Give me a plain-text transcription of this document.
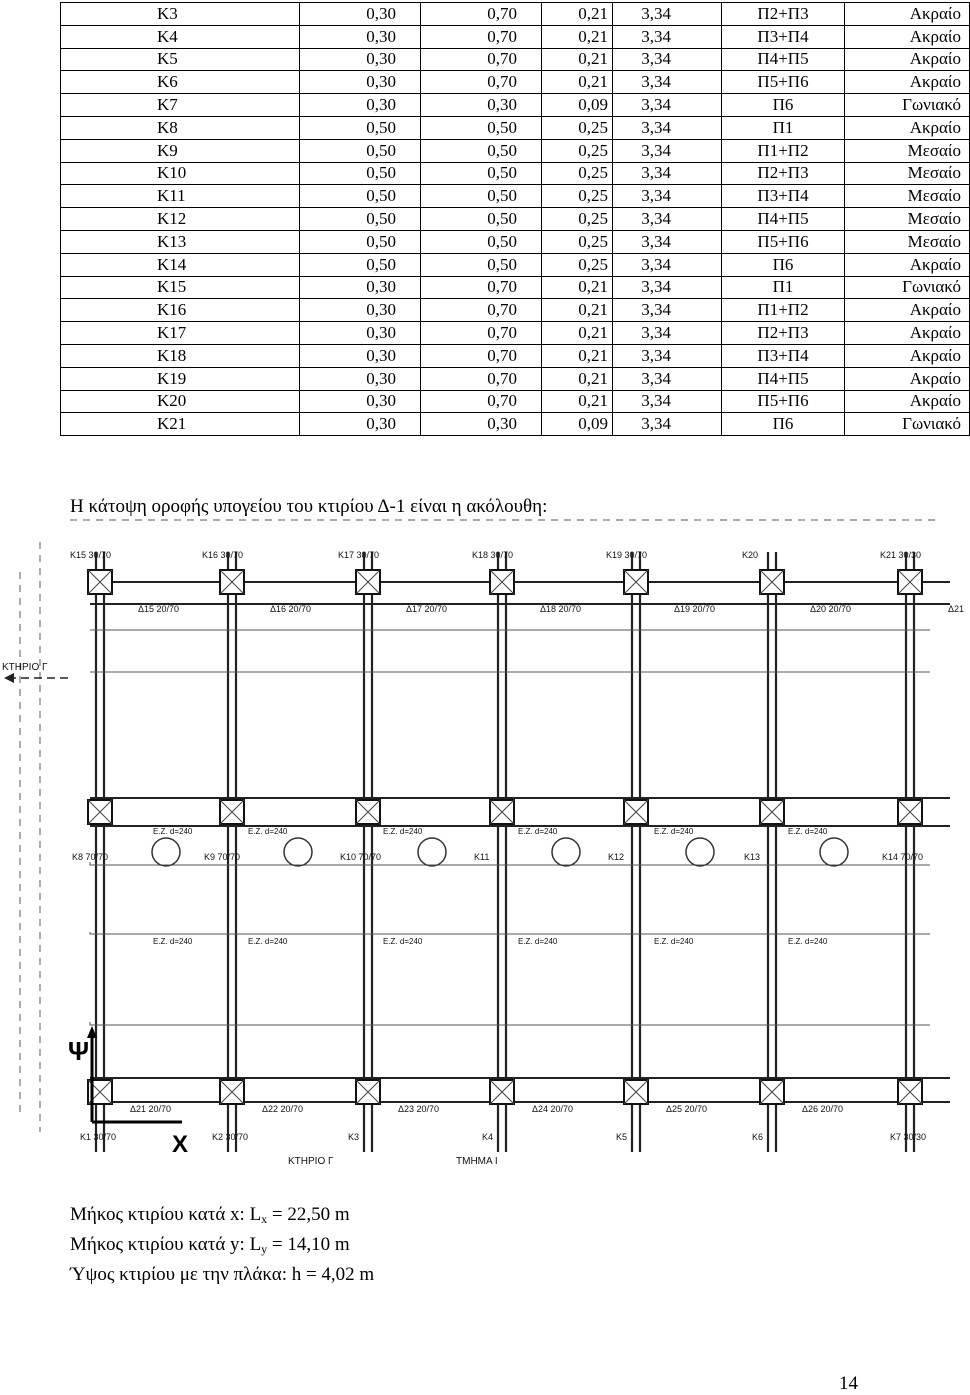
Κ3	0,30	0,70	0,21	3,34	Π2+Π3	Ακραίο
Κ4	0,30	0,70	0,21	3,34	Π3+Π4	Ακραίο
Κ5	0,30	0,70	0,21	3,34	Π4+Π5	Ακραίο
Κ6	0,30	0,70	0,21	3,34	Π5+Π6	Ακραίο
Κ7	0,30	0,30	0,09	3,34	Π6	Γωνιακό
Κ8	0,50	0,50	0,25	3,34	Π1	Ακραίο
Κ9	0,50	0,50	0,25	3,34	Π1+Π2	Μεσαίο
Κ10	0,50	0,50	0,25	3,34	Π2+Π3	Μεσαίο
Κ11	0,50	0,50	0,25	3,34	Π3+Π4	Μεσαίο
Κ12	0,50	0,50	0,25	3,34	Π4+Π5	Μεσαίο
Κ13	0,50	0,50	0,25	3,34	Π5+Π6	Μεσαίο
Κ14	0,50	0,50	0,25	3,34	Π6	Ακραίο
Κ15	0,30	0,70	0,21	3,34	Π1	Γωνιακό
Κ16	0,30	0,70	0,21	3,34	Π1+Π2	Ακραίο
Κ17	0,30	0,70	0,21	3,34	Π2+Π3	Ακραίο
Κ18	0,30	0,70	0,21	3,34	Π3+Π4	Ακραίο
Κ19	0,30	0,70	0,21	3,34	Π4+Π5	Ακραίο
Κ20	0,30	0,70	0,21	3,34	Π5+Π6	Ακραίο
Κ21	0,30	0,30	0,09	3,34	Π6	Γωνιακό
Η κάτοψη οροφής υπογείου του κτιρίου Δ-1 είναι η ακόλουθη:
Κ15 30/70	Κ16 30/70	Κ17 30/70	Κ18 30/70	Κ19 30/70	Κ20	Κ21 30/30
Δ15 20/70	Δ16 20/70	Δ17 20/70	Δ18 20/70	Δ19 20/70	Δ20 20/70	Δ21
Κ8 70/70	Κ9 70/70	Κ10 70/70	Κ11	Κ12	Κ13	Κ14 70/70
Κ1 30/70	Κ2 30/70	Κ3	Κ4	Κ5	Κ6	Κ7 30/30
Δ21 20/70	Δ22 20/70	Δ23 20/70	Δ24 20/70	Δ25 20/70	Δ26 20/70
Ε.Ζ. d=240
Ε.Ζ. d=240
Ε.Ζ. d=240
Ε.Ζ. d=240
Ε.Ζ. d=240
Ε.Ζ. d=240
Ε.Ζ. d=240
Ε.Ζ. d=240
Ε.Ζ. d=240
Ε.Ζ. d=240
Ε.Ζ. d=240
Ε.Ζ. d=240
ΚΤΗΡΙΟ Γ
ΚΤΗΡΙΟ Γ	ΤΜΗΜΑ Ι
Ψ
Χ
Μήκος κτιρίου κατά x: $L_x = 22,50$ m
Μήκος κτιρίου κατά y: $L_y = 14,10$ m
Ύψος κτιρίου με την πλάκα: h = 4,02 m
14
